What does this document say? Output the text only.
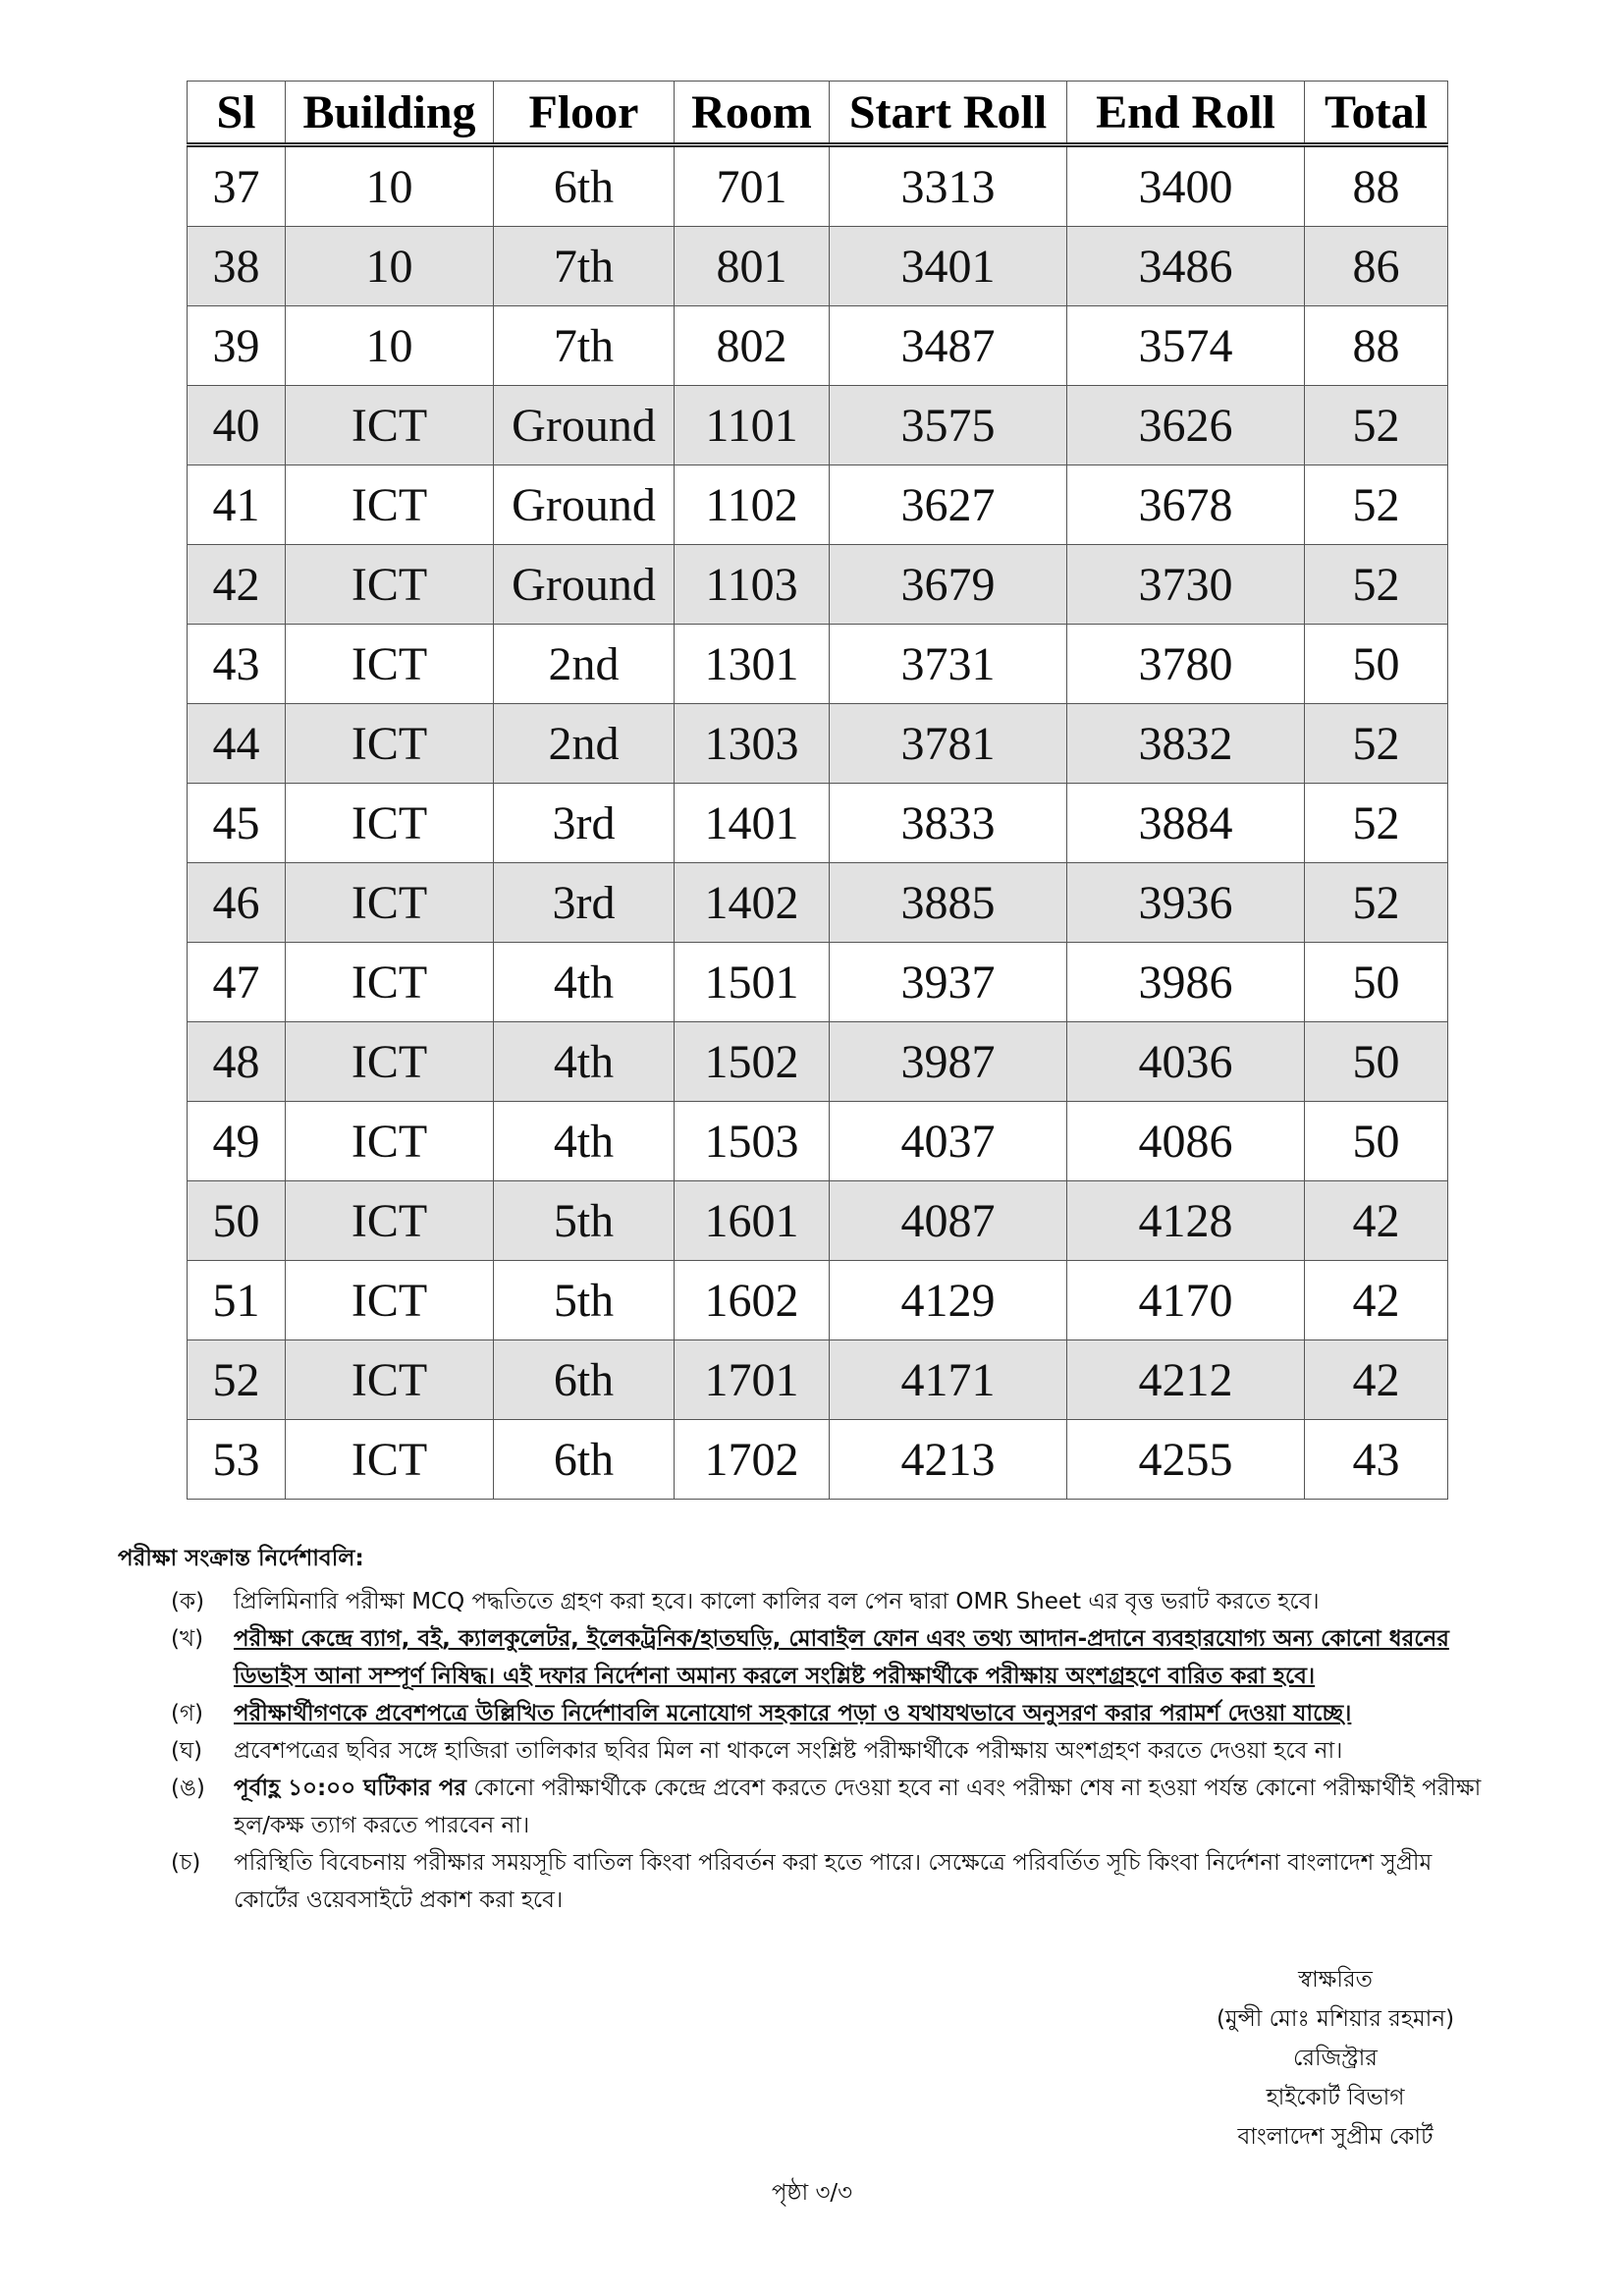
Sl	Building	Floor	Room	Start Roll	End Roll	Total
37	10	6th	701	3313	3400	88
38	10	7th	801	3401	3486	86
39	10	7th	802	3487	3574	88
40	ICT	Ground	1101	3575	3626	52
41	ICT	Ground	1102	3627	3678	52
42	ICT	Ground	1103	3679	3730	52
43	ICT	2nd	1301	3731	3780	50
44	ICT	2nd	1303	3781	3832	52
45	ICT	3rd	1401	3833	3884	52
46	ICT	3rd	1402	3885	3936	52
47	ICT	4th	1501	3937	3986	50
48	ICT	4th	1502	3987	4036	50
49	ICT	4th	1503	4037	4086	50
50	ICT	5th	1601	4087	4128	42
51	ICT	5th	1602	4129	4170	42
52	ICT	6th	1701	4171	4212	42
53	ICT	6th	1702	4213	4255	43
পরীক্ষা সংক্রান্ত নির্দেশাবলি:
(ক)	প্রিলিমিনারি পরীক্ষা MCQ পদ্ধতিতে গ্রহণ করা হবে। কালো কালির বল পেন দ্বারা OMR Sheet এর বৃত্ত ভরাট করতে হবে।
(খ)	পরীক্ষা কেন্দ্রে ব্যাগ, বই, ক্যালকুলেটর, ইলেকট্রনিক/হাতঘড়ি, মোবাইল ফোন এবং তথ্য আদান-প্রদানে ব্যবহারযোগ্য অন্য কোনো ধরনের ডিভাইস আনা সম্পূর্ণ নিষিদ্ধ। এই দফার নির্দেশনা অমান্য করলে সংশ্লিষ্ট পরীক্ষার্থীকে পরীক্ষায় অংশগ্রহণে বারিত করা হবে।
(গ)	পরীক্ষার্থীগণকে প্রবেশপত্রে উল্লিখিত নির্দেশাবলি মনোযোগ সহকারে পড়া ও যথাযথভাবে অনুসরণ করার পরামর্শ দেওয়া যাচ্ছে।
(ঘ)	প্রবেশপত্রের ছবির সঙ্গে হাজিরা তালিকার ছবির মিল না থাকলে সংশ্লিষ্ট পরীক্ষার্থীকে পরীক্ষায় অংশগ্রহণ করতে দেওয়া হবে না।
(ঙ)	পূর্বাহ্ণ ১০:০০ ঘটিকার পর কোনো পরীক্ষার্থীকে কেন্দ্রে প্রবেশ করতে দেওয়া হবে না এবং পরীক্ষা শেষ না হওয়া পর্যন্ত কোনো পরীক্ষার্থীই পরীক্ষা হল/কক্ষ ত্যাগ করতে পারবেন না।
(চ)	পরিস্থিতি বিবেচনায় পরীক্ষার সময়সূচি বাতিল কিংবা পরিবর্তন করা হতে পারে। সেক্ষেত্রে পরিবর্তিত সূচি কিংবা নির্দেশনা বাংলাদেশ সুপ্রীম কোর্টের ওয়েবসাইটে প্রকাশ করা হবে।
স্বাক্ষরিত
(মুন্সী মোঃ মশিয়ার রহমান)
রেজিস্ট্রার
হাইকোর্ট বিভাগ
বাংলাদেশ সুপ্রীম কোর্ট
পৃষ্ঠা ৩/৩
